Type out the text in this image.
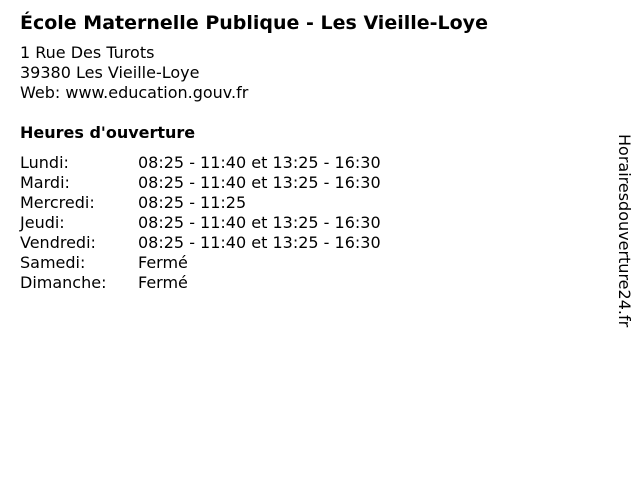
École Maternelle Publique - Les Vieille-Loye
1 Rue Des Turots
39380 Les Vieille-Loye
Web: www.education.gouv.fr
Heures d'ouverture
Lundi:	08:25 - 11:40 et 13:25 - 16:30
Mardi:	08:25 - 11:40 et 13:25 - 16:30
Mercredi:	08:25 - 11:25
Jeudi:	08:25 - 11:40 et 13:25 - 16:30
Vendredi:	08:25 - 11:40 et 13:25 - 16:30
Samedi:	Fermé
Dimanche:	Fermé	Horairesdouverture24.fr
